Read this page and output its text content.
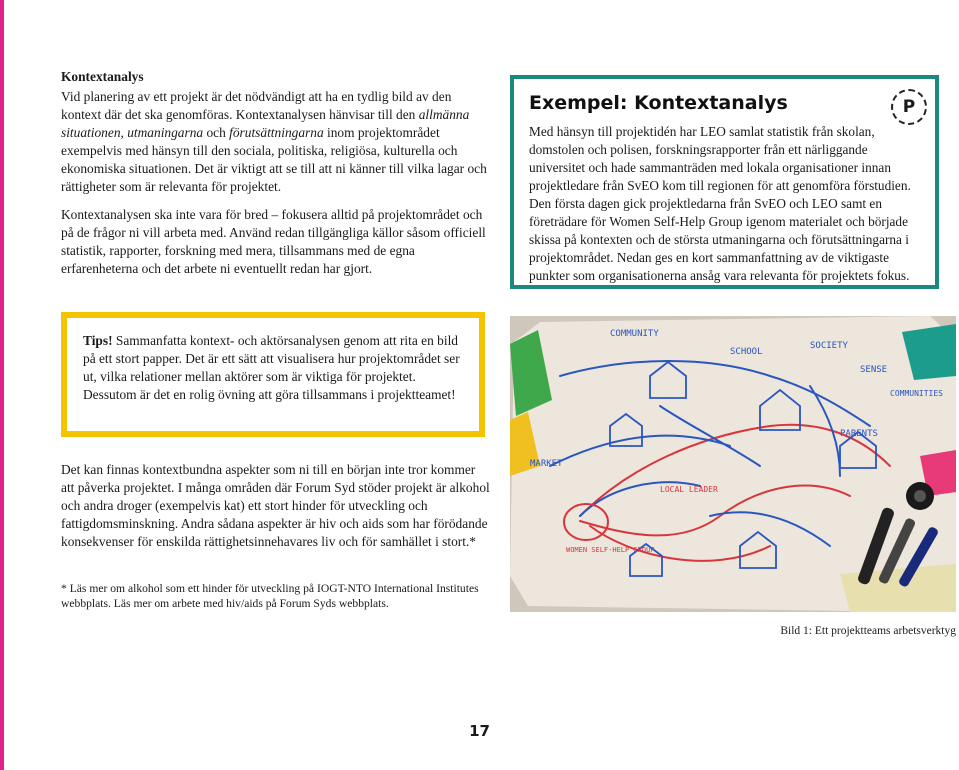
Kontextanalys

Vid planering av ett projekt är det nödvändigt att ha en tydlig bild av den kontext där det ska genomföras. Kontextanalysen hänvisar till den allmänna situationen, utmaningarna och förutsättningarna inom projektområdet exempelvis med hänsyn till den sociala, politiska, religiösa, kulturella och ekonomiska situationen. Det är viktigt att se till att ni känner till vilka lagar och rättigheter som är relevanta för projektet.

Kontextanalysen ska inte vara för bred – fokusera alltid på projektområdet och på de frågor ni vill arbeta med. Använd redan tillgängliga källor såsom officiell statistik, rapporter, forskning med mera, tillsammans med de egna erfarenheterna och det arbete ni eventuellt redan har gjort.

P
Exempel: Kontextanalys
Med hänsyn till projektidén har LEO samlat statistik från skolan, domstolen och polisen, forskningsrapporter från ett närliggande universitet och hade sammanträden med lokala organisationer innan projektledare från SvEO kom till regionen för att genomföra förstudien. Den första dagen gick projektledarna från SvEO och LEO samt en företrädare för Women Self-Help Group igenom materialet och började skissa på kontexten och de största utmaningarna och förutsättningarna i projektområdet. Nedan ges en kort sammanfattning av de viktigaste punkter som organisationerna ansåg vara relevanta för projektets fokus.
Tips! Sammanfatta kontext- och aktörsanalysen genom att rita en bild på ett stort papper. Det är ett sätt att visualisera hur projektområdet ser ut, vilka relationer mellan aktörer som är viktiga för projektet. Dessutom är det en rolig övning att göra tillsammans i projektteamet!
Det kan finnas kontextbundna aspekter som ni till en början inte tror kommer att påverka projektet. I många områden där Forum Syd stöder projekt är alkohol och andra droger (exempelvis kat) ett stort hinder för utveckling och fattigdomsminskning. Andra sådana aspekter är hiv och aids som har förödande konsekvenser för enskilda rättighetsinnehavares liv och för samhället i stort.*
* Läs mer om alkohol som ett hinder för utveckling på IOGT-NTO International Institutes webbplats. Läs mer om arbete med hiv/aids på Forum Syds webbplats.
COMMUNITY
SCHOOL
SOCIETY
SENSE
PARENTS
MARKET
COMMUNITIES
WOMEN SELF-HELP GROUP
LOCAL LEADER
Bild 1: Ett projektteams arbetsverktyg
17
